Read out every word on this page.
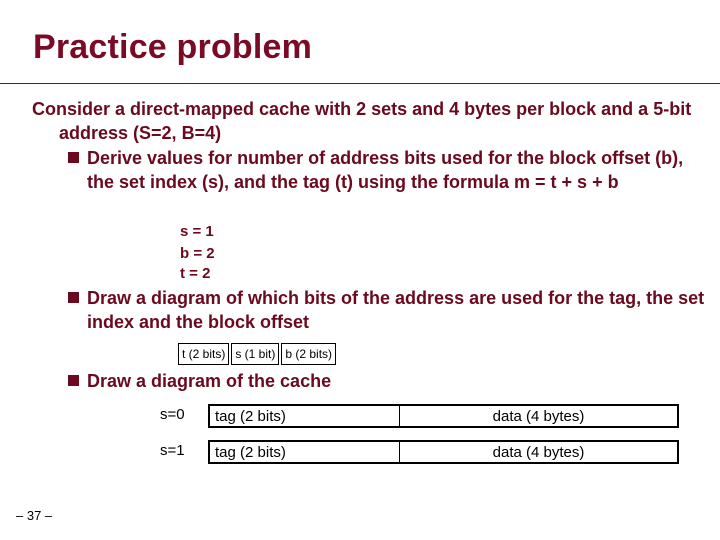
Practice problem
Consider a direct-mapped cache with 2 sets and 4 bytes per block and a 5-bit address (S=2, B=4)
Derive values for number of address bits used for the block offset (b), the set index (s), and the tag (t) using the formula m = t + s + b
s = 1
b = 2
t = 2
Draw a diagram of which bits of the address are used for the tag, the set index and the block offset
t (2 bits) s (1 bit) b (2 bits)
Draw a diagram of the cache
s=0	tag (2 bits)	data (4 bytes)
s=1	tag (2 bits)	data (4 bytes)
– 37 –
